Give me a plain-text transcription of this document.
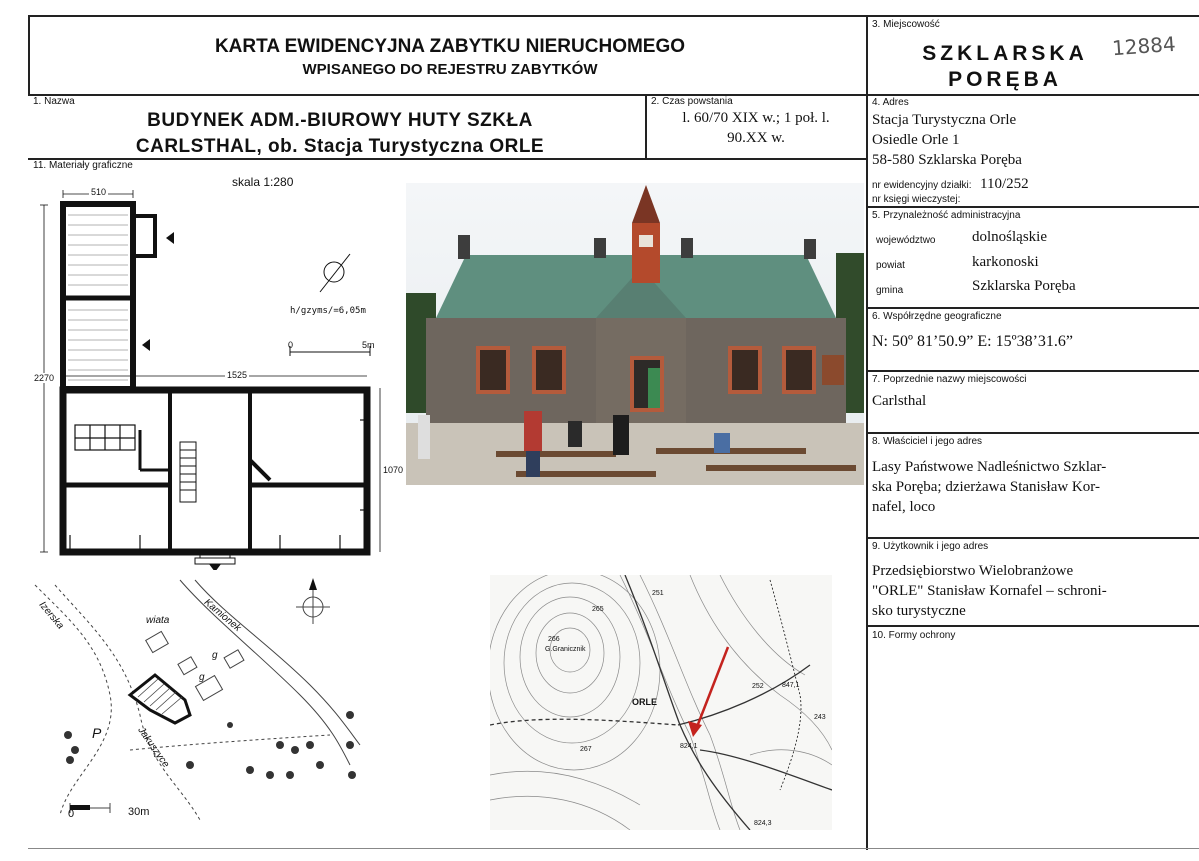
KARTA EWIDENCYJNA ZABYTKU NIERUCHOMEGO
WPISANEGO DO REJESTRU ZABYTKÓW
3. Miejscowość
SZKLARSKA
PORĘBA
12884
1. Nazwa
BUDYNEK ADM.-BIUROWY HUTY SZKŁA
CARLSTHAL, ob. Stacja Turystyczna ORLE
2. Czas powstania
l. 60/70 XIX w.; 1 poł. l.
90.XX w.
4. Adres
Stacja Turystyczna Orle
Osiedle Orle 1
58-580 Szklarska Poręba
nr ewidencyjny działki: 110/252
nr księgi wieczystej:
5. Przynależność administracyjna
województwo dolnośląskie
powiat	karkonoski
gmina	Szklarska Poręba
6. Współrzędne geograficzne
N: 50º 81’50.9” E: 15º38’31.6”
7. Poprzednie nazwy miejscowości
Carlsthal
8. Właściciel i jego adres
Lasy Państwowe Nadleśnictwo Szklar-
ska Poręba; dzierżawa Stanisław Kor-
nafel, loco
9. Użytkownik i jego adres
Przedsiębiorstwo Wielobranżowe
"ORLE" Stanisław Kornafel – schroni-
sko turystyczne
10. Formy ochrony
11. Materiały graficzne
skala 1:280
510
2270	1525
1070
h/gzyms/=6,05m
0	5m
Izerska	Kamionek
Jakuszyce
wiata
g
g
P
0	30m
G.Granicznik
266
ORLE
265
251
252
243
267	824,1
847,1
824,3
